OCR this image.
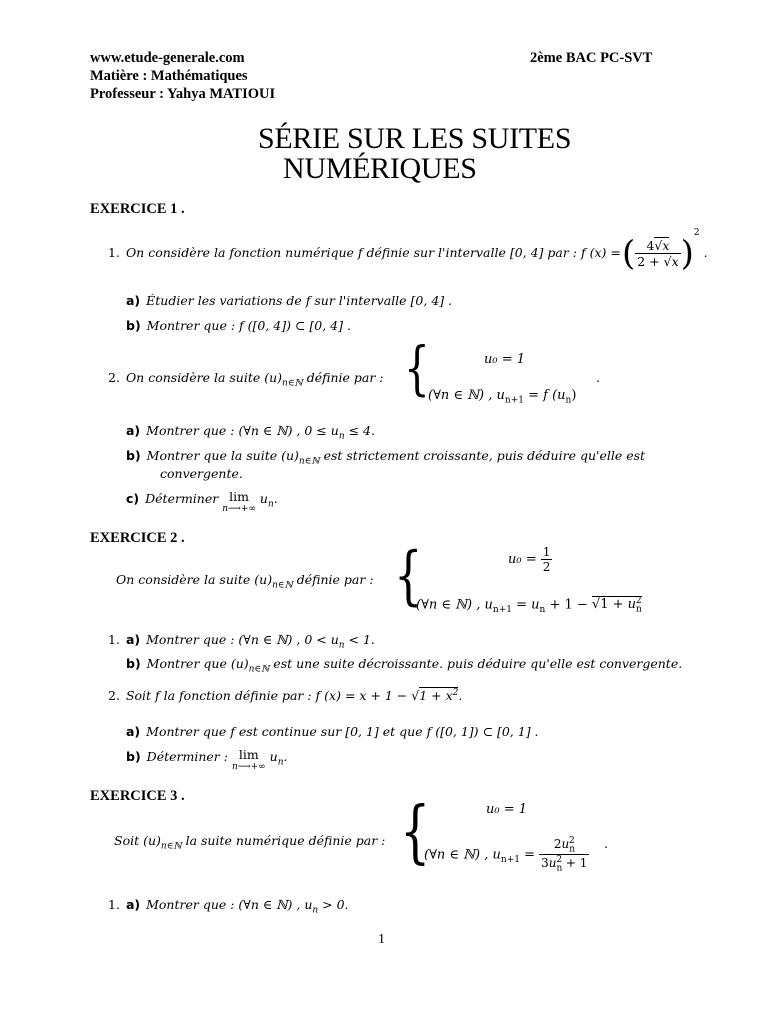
www.etude-generale.com
Matière : Mathématiques
Professeur : Yahya MATIOUI
2ème BAC PC-SVT
SÉRIE SUR LES SUITES
NUMÉRIQUES
EXERCICE 1 .
1. On considère la fonction numérique f définie sur l'intervalle [0, 4] par : f (x) = ( $\frac{4√x}{2 + √x} )^2$ .
a) Étudier les variations de f sur l'intervalle [0, 4] .
b) Montrer que : f ([0, 4]) ⊂ [0, 4] .
2. On considère la suite $(u)_{n\in ℕ}$ définie par : {	u₀ = 1
(∀n ∈ ℕ) , $u_{n+1} = f$ $(u_n)$
.
a) Montrer que : (∀n ∈ ℕ) , $0 \le u_n \le 4$.
b) Montrer que la suite $(u)_{n\in ℕ}$ est strictement croissante, puis déduire qu'elle est
convergente.
c) Déterminer lim
n⟶+∞
$u_n$.
EXERCICE 2 .
On considère la suite $(u)_{n\in ℕ}$ définie par : {	$u_0 = \frac{1}{2}$
(∀n ∈ ℕ) , $u_{n+1} = u_n + 1 - √1 + u_n^2$
1. a) Montrer que : (∀n ∈ ℕ) , $0 < u_n < 1$.
b) Montrer que $(u)_{n\in ℕ}$ est une suite décroissante. puis déduire qu'elle est convergente.
2. Soit f la fonction définie par : f $(x) = x + 1 - √1 + x^2$.
a) Montrer que f est continue sur [0, 1] et que f ([0, 1]) ⊂ [0, 1] .
b) Déterminer : lim
n⟶+∞
$u_n$.
EXERCICE 3 .
Soit $(u)_{n\in ℕ}$ la suite numérique définie par : {	u₀ = 1
(∀n ∈ ℕ) , $u_{n+1} = \frac{2u_n^2}{3u_n^2 + 1}$ .
1. a) Montrer que : (∀n ∈ ℕ) , $u_n > 0$.
1
